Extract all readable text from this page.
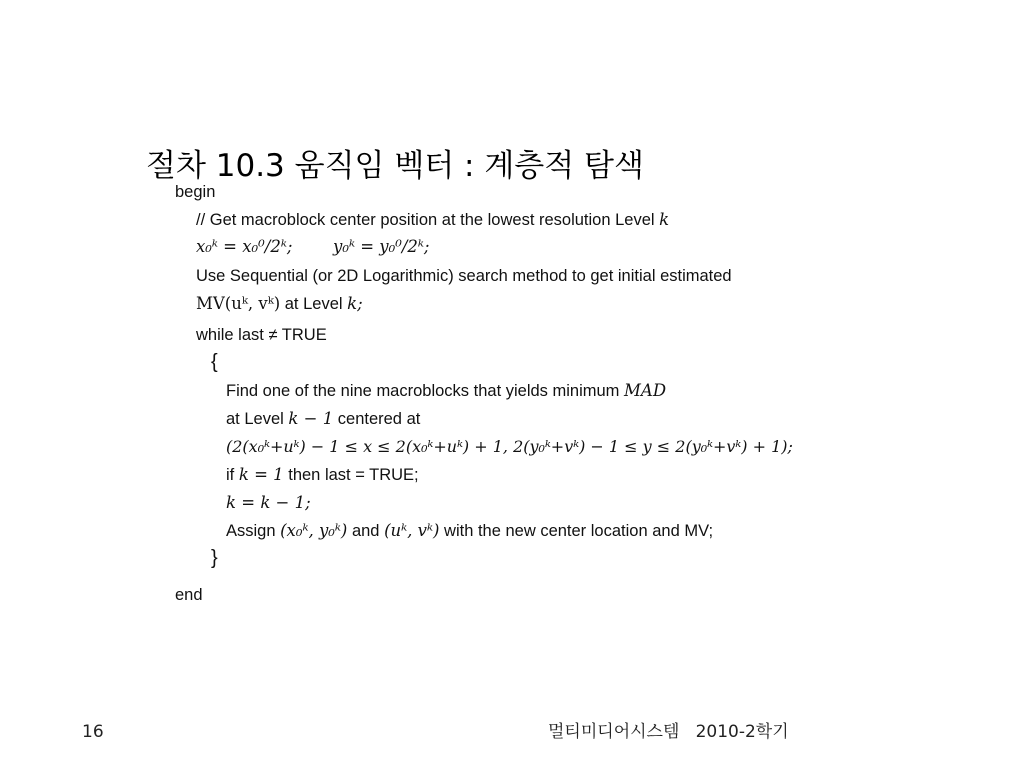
절차 10.3 움직임 벡터 : 계층적 탐색
begin
// Get macroblock center position at the lowest resolution Level k
x₀ᵏ = x₀⁰/2ᵏ; y₀ᵏ = y₀⁰/2ᵏ;
Use Sequential (or 2D Logarithmic) search method to get initial estimated
MV(uᵏ, vᵏ) at Level k;
while last ≠ TRUE
{
Find one of the nine macroblocks that yields minimum MAD
at Level k − 1 centered at
(2(x₀ᵏ+uᵏ) − 1 ≤ x ≤ 2(x₀ᵏ+uᵏ) + 1, 2(y₀ᵏ+vᵏ) − 1 ≤ y ≤ 2(y₀ᵏ+vᵏ) + 1);
if k = 1 then last = TRUE;
k = k − 1;
Assign (x₀ᵏ, y₀ᵏ) and (uᵏ, vᵏ) with the new center location and MV;
}
end
16	멀티미디어시스템   2010-2학기
